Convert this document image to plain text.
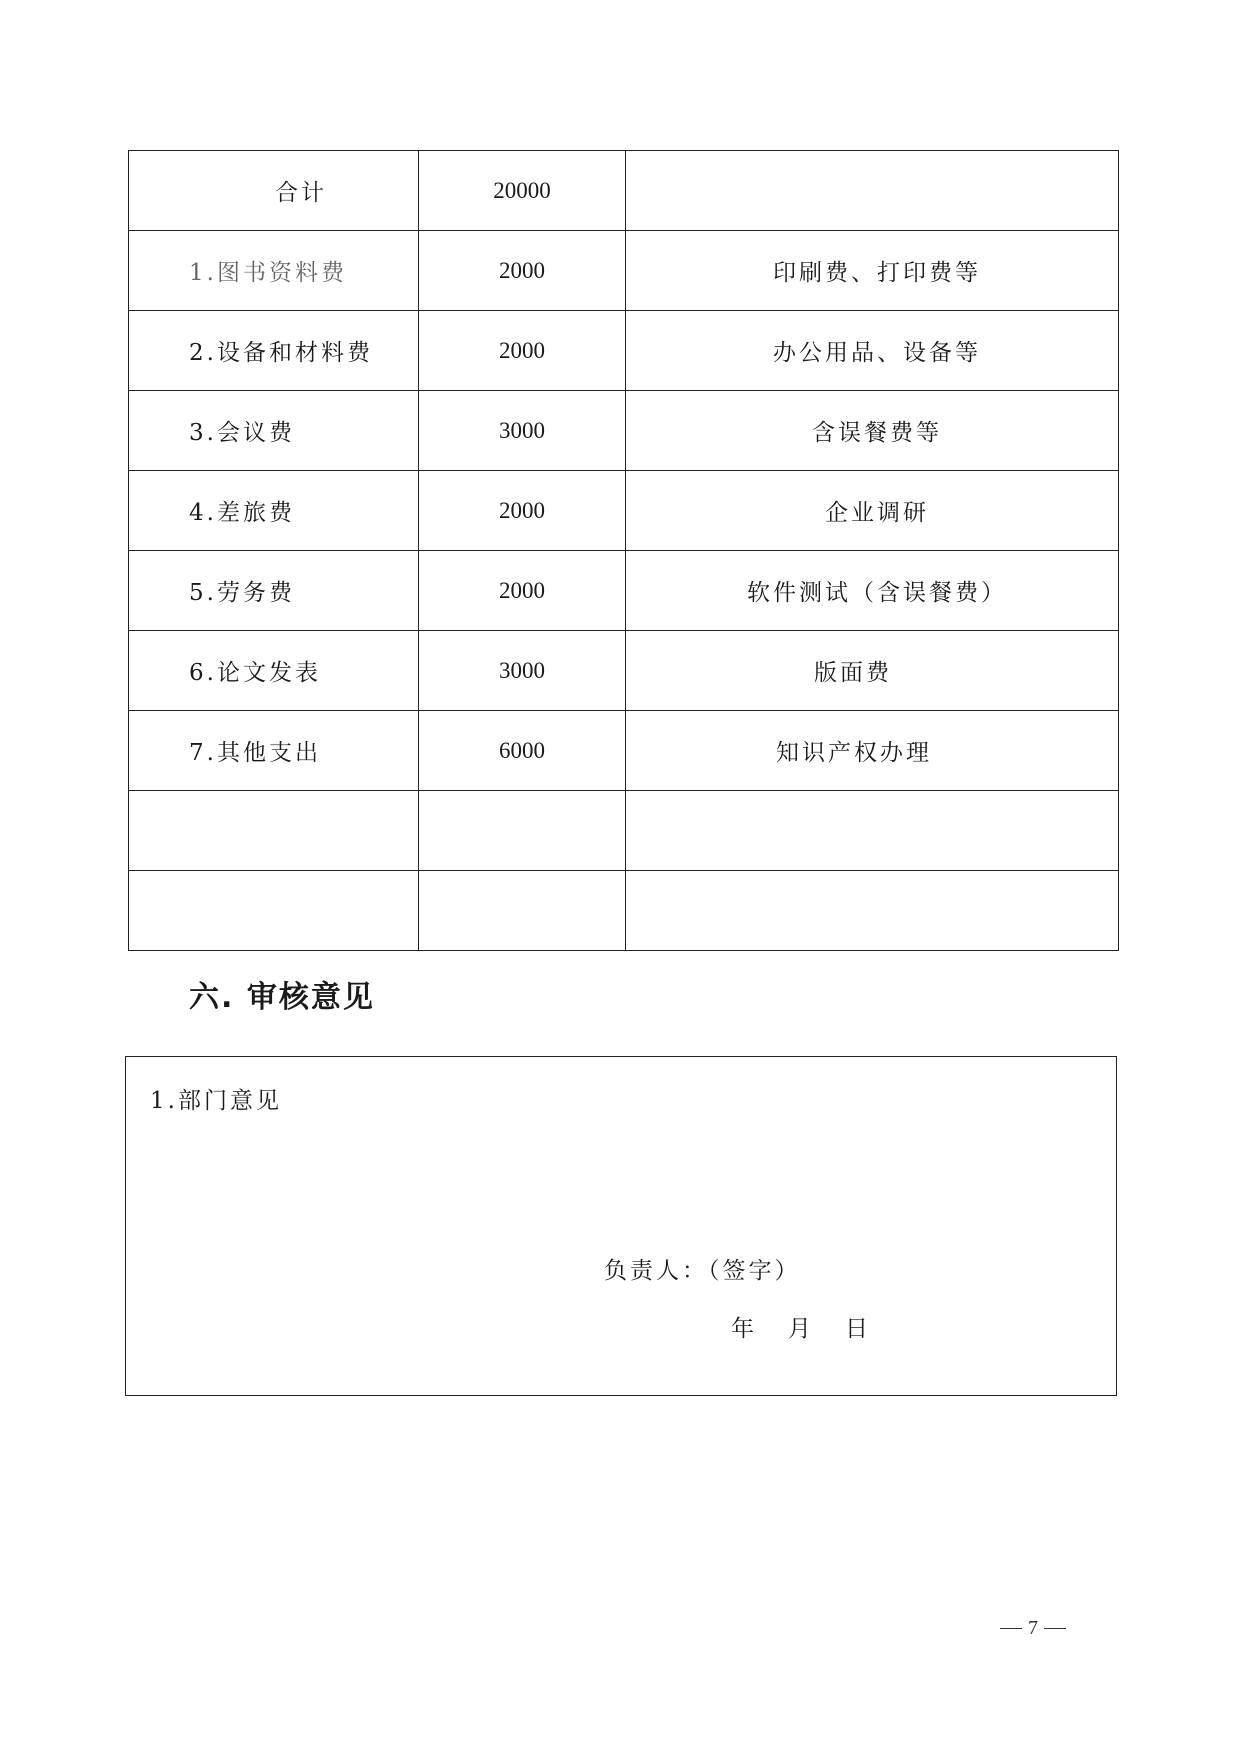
合计	20000	
1.图书资料费	2000	印刷费、打印费等
2.设备和材料费	2000	办公用品、设备等
3.会议费	3000	含误餐费等
4.差旅费	2000	企业调研
5.劳务费	2000	软件测试（含误餐费）
6.论文发表	3000	版面费
7.其他支出	6000	知识产权办理

六. 审核意见
1.部门意见
负责人：（签字）
年 月 日
7
